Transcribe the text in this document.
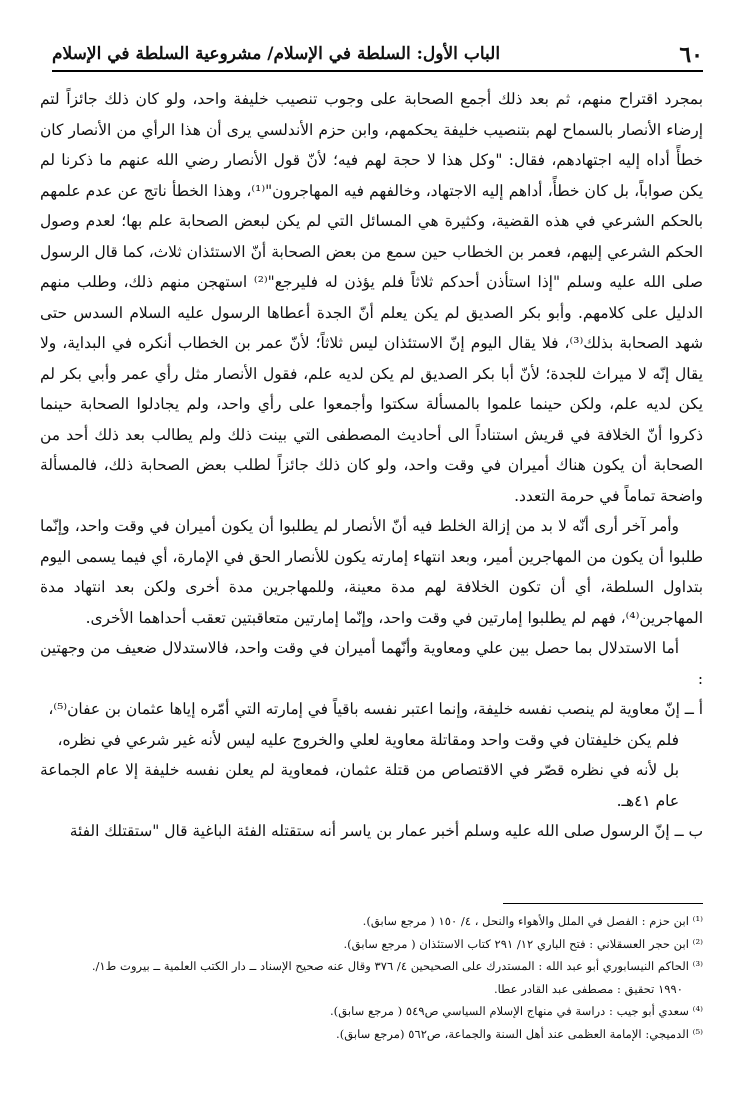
٦٠
الباب الأول: السلطة في الإسلام/ مشروعية السلطة في الإسلام

بمجرد اقتراح منهم، ثم بعد ذلك أجمع الصحابة على وجوب تنصيب خليفة واحد، ولو كان ذلك جائزاً لتم إرضاء الأنصار بالسماح لهم بتنصيب خليفة يحكمهم، وابن حزم الأندلسي يرى أن هذا الرأي من الأنصار كان خطأً أداه إليه اجتهادهم، فقال: "وكل هذا لا حجة لهم فيه؛ لأنّ قول الأنصار رضي الله عنهم ما ذكرنا لم يكن صواباً، بل كان خطأً، أداهم إليه الاجتهاد، وخالفهم فيه المهاجرون"⁽¹⁾، وهذا الخطأ ناتج عن عدم علمهم بالحكم الشرعي في هذه القضية، وكثيرة هي المسائل التي لم يكن لبعض الصحابة علم بها؛ لعدم وصول الحكم الشرعي إليهم، فعمر بن الخطاب حين سمع من بعض الصحابة أنّ الاستئذان ثلاث، كما قال الرسول صلى الله عليه وسلم "إذا استأذن أحدكم ثلاثاً فلم يؤذن له فليرجع"⁽²⁾ استهجن منهم ذلك، وطلب منهم الدليل على كلامهم. وأبو بكر الصديق لم يكن يعلم أنّ الجدة أعطاها الرسول عليه السلام السدس حتى شهد الصحابة بذلك⁽³⁾، فلا يقال اليوم إنّ الاستئذان ليس ثلاثاً؛ لأنّ عمر بن الخطاب أنكره في البداية، ولا يقال إنّه لا ميراث للجدة؛ لأنّ أبا بكر الصديق لم يكن لديه علم، فقول الأنصار مثل رأي عمر وأبي بكر لم يكن لديه علم، ولكن حينما علموا بالمسألة سكتوا وأجمعوا على رأي واحد، ولم يجادلوا الصحابة حينما ذكروا أنّ الخلافة في قريش استناداً الى أحاديث المصطفى التي بينت ذلك ولم يطالب بعد ذلك أحد من الصحابة أن يكون هناك أميران في وقت واحد، ولو كان ذلك جائزاً لطلب بعض الصحابة ذلك، فالمسألة واضحة تماماً في حرمة التعدد.

وأمر آخر أرى أنّه لا بد من إزالة الخلط فيه أنّ الأنصار لم يطلبوا أن يكون أميران في وقت واحد، وإنّما طلبوا أن يكون من المهاجرين أمير، وبعد انتهاء إمارته يكون للأنصار الحق في الإمارة، أي فيما يسمى اليوم بتداول السلطة، أي أن تكون الخلافة لهم مدة معينة، وللمهاجرين مدة أخرى ولكن بعد انتهاد مدة المهاجرين⁽⁴⁾، فهم لم يطلبوا إمارتين في وقت واحد، وإنّما إمارتين متعاقبتين تعقب أحداهما الأخرى.

أما الاستدلال بما حصل بين علي ومعاوية وأنّهما أميران في وقت واحد، فالاستدلال ضعيف من وجهتين :

أ ــ إنّ معاوية لم ينصب نفسه خليفة، وإنما اعتبر نفسه باقياً في إمارته التي أمّره إياها عثمان بن عفان⁽⁵⁾،

فلم يكن خليفتان في وقت واحد ومقاتلة معاوية لعلي والخروج عليه ليس لأنه غير شرعي في نظره،

بل لأنه في نظره قصّر في الاقتصاص من قتلة عثمان، فمعاوية لم يعلن نفسه خليفة إلا عام الجماعة عام ٤١هـ.

ب ــ إنّ الرسول صلى الله عليه وسلم أخبر عمار بن ياسر أنه ستقتله الفئة الباغية قال "ستقتلك الفئة

⁽¹⁾ ابن حزم : الفصل في الملل والأهواء والنحل ، ٤/ ١٥٠ ( مرجع سابق).

⁽²⁾ ابن حجر العسقلاني : فتح الباري ١٢/ ٢٩١ كتاب الاستئذان ( مرجع سابق).

⁽³⁾ الحاكم النيسابوري أبو عبد الله : المستدرك على الصحيحين ٤/ ٣٧٦ وقال عنه صحيح الإسناد ــ دار الكتب العلمية ــ بيروت ط١/.

١٩٩٠ تحقيق : مصطفى عبد القادر عطا.

⁽⁴⁾ سعدي أبو جيب : دراسة في منهاج الإسلام السياسي ص٥٤٩ ( مرجع سابق).

⁽⁵⁾ الدميجي: الإمامة العظمى عند أهل السنة والجماعة، ص٥٦٢ (مرجع سابق).
